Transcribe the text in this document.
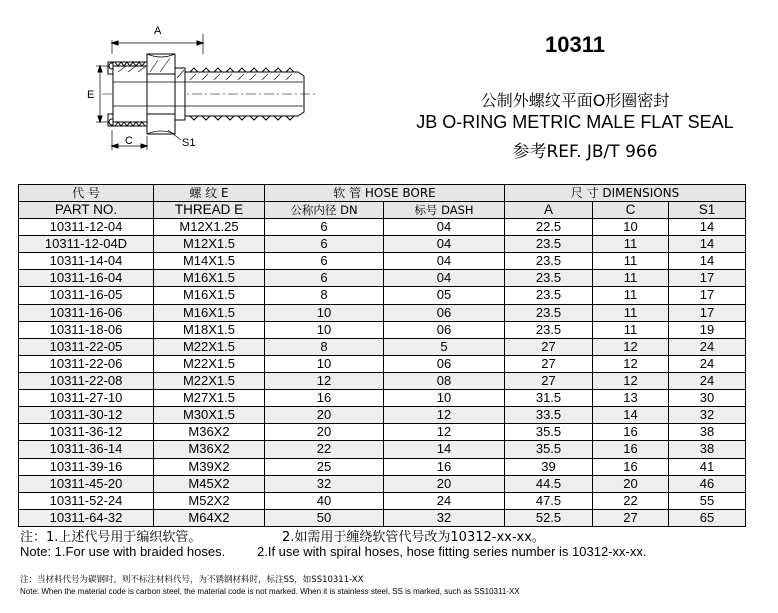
A
E
C	S1
10311
公制外螺纹平面O形圈密封
JB O-RING METRIC MALE FLAT SEAL
参考REF. JB/T 966
代 号	螺 纹 E	软 管 HOSE BORE		尺 寸 DIMENSIONS		
PART NO.	THREAD E	公称内径 DN	标号 DASH	A	C	S1
10311-12-04	M12X1.25	6	04	22.5	10	14
10311-12-04D	M12X1.5	6	04	23.5	11	14
10311-14-04	M14X1.5	6	04	23.5	11	14
10311-16-04	M16X1.5	6	04	23.5	11	17
10311-16-05	M16X1.5	8	05	23.5	11	17
10311-16-06	M16X1.5	10	06	23.5	11	17
10311-18-06	M18X1.5	10	06	23.5	11	19
10311-22-05	M22X1.5	8	5	27	12	24
10311-22-06	M22X1.5	10	06	27	12	24
10311-22-08	M22X1.5	12	08	27	12	24
10311-27-10	M27X1.5	16	10	31.5	13	30
10311-30-12	M30X1.5	20	12	33.5	14	32
10311-36-12	M36X2	20	12	35.5	16	38
10311-36-14	M36X2	22	14	35.5	16	38
10311-39-16	M39X2	25	16	39	16	41
10311-45-20	M45X2	32	20	44.5	20	46
10311-52-24	M52X2	40	24	47.5	22	55
10311-64-32	M64X2	50	32	52.5	27	65
注：1.上述代号用于编织软管。	2.如需用于缠绕软管代号改为10312-xx-xx。
Note: 1.For use with braided hoses. 2.If use with spiral hoses, hose fitting series number is 10312-xx-xx.
注：当材料代号为碳钢时，则不标注材料代号，为不锈钢材料时，标注SS，如SS10311-XX
Note: When the material code is carbon steel, the material code is not marked. When it is stainless steel, SS is marked, such as SS10311-XX
